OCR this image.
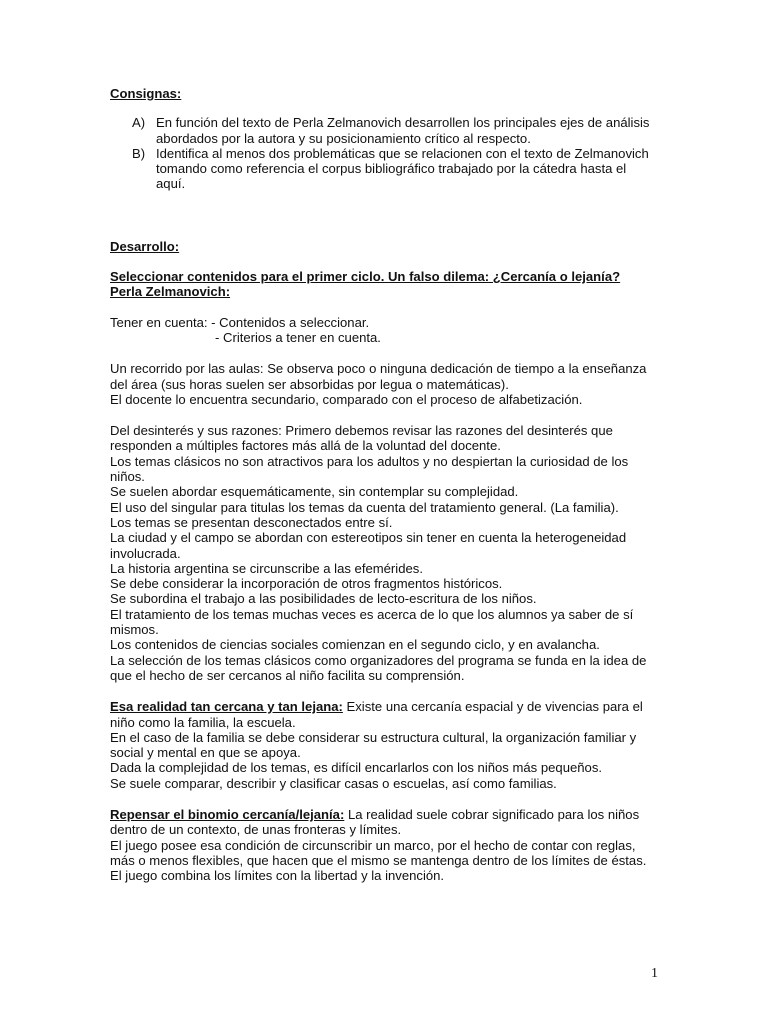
Consignas:

A) En función del texto de Perla Zelmanovich desarrollen los principales ejes de análisis abordados por la autora y su posicionamiento crítico al respecto.
B) Identifica al menos dos problemáticas que se relacionen con el texto de Zelmanovich tomando como referencia el corpus bibliográfico trabajado por la cátedra hasta el aquí.

Desarrollo:

Seleccionar contenidos para el primer ciclo. Un falso dilema: ¿Cercanía o lejanía? Perla Zelmanovich:

Tener en cuenta: - Contenidos a seleccionar.

- Criterios a tener en cuenta.

Un recorrido por las aulas: Se observa poco o ninguna dedicación de tiempo a la enseñanza del área (sus horas suelen ser absorbidas por legua o matemáticas).

El docente lo encuentra secundario, comparado con el proceso de alfabetización.

Del desinterés y sus razones: Primero debemos revisar las razones del desinterés que responden a múltiples factores más allá de la voluntad del docente.

Los temas clásicos no son atractivos para los adultos y no despiertan la curiosidad de los niños.

Se suelen abordar esquemáticamente, sin contemplar su complejidad.

El uso del singular para titulas los temas da cuenta del tratamiento general. (La familia).

Los temas se presentan desconectados entre sí.

La ciudad y el campo se abordan con estereotipos sin tener en cuenta la heterogeneidad involucrada.

La historia argentina se circunscribe a las efemérides.

Se debe considerar la incorporación de otros fragmentos históricos.

Se subordina el trabajo a las posibilidades de lecto-escritura de los niños.

El tratamiento de los temas muchas veces es acerca de lo que los alumnos ya saber de sí mismos.

Los contenidos de ciencias sociales comienzan en el segundo ciclo, y en avalancha.

La selección de los temas clásicos como organizadores del programa se funda en la idea de que el hecho de ser cercanos al niño facilita su comprensión.

Esa realidad tan cercana y tan lejana: Existe una cercanía espacial y de vivencias para el niño como la familia, la escuela.

En el caso de la familia se debe considerar su estructura cultural, la organización familiar y social y mental en que se apoya.

Dada la complejidad de los temas, es difícil encarlarlos con los niños más pequeños.

Se suele comparar, describir y clasificar casas o escuelas, así como familias.

Repensar el binomio cercanía/lejanía: La realidad suele cobrar significado para los niños dentro de un contexto, de unas fronteras y límites.

El juego posee esa condición de circunscribir un marco, por el hecho de contar con reglas, más o menos flexibles, que hacen que el mismo se mantenga dentro de los límites de éstas.

El juego combina los límites con la libertad y la invención.

1
